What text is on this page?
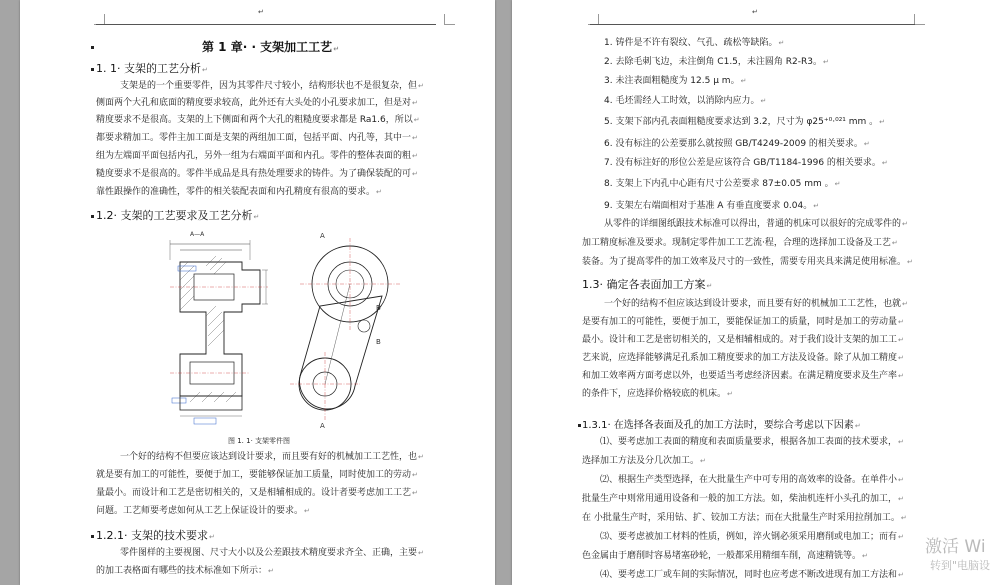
↵
第 1 章· · 支架加工工艺↵
1. 1· 支架的工艺分析↵
支架是的一个重要零件，因为其零件尺寸较小，结构形状也不是很复杂，但↵
侧面两个大孔和底面的精度要求较高，此外还有大头处的小孔要求加工，但是对↵
精度要求不是很高。支架的上下侧面和两个大孔的粗糙度要求都是 Ra1.6，所以↵
都要求精加工。零件主加工面是支架的两组加工面，包括平面、内孔等，其中一↵
组为左端面平面包括内孔，另外一组为右端面平面和内孔。零件的整体表面的粗↵
糙度要求不是很高的。零件半成品是具有热处理要求的铸件。为了确保装配的可↵
靠性跟操作的准确性，零件的相关装配表面和内孔精度有很高的要求。↵
1.2· 支架的工艺要求及工艺分析↵
A—A	A
B
B
A
图 1. 1· 支架零件图
一个好的结构不但要应该达到设计要求，而且要有好的机械加工工艺性，也↵
就是要有加工的可能性，要便于加工，要能够保证加工质量，同时使加工的劳动↵
量最小。而设计和工艺是密切相关的，又是相辅相成的。设计者要考虑加工工艺↵
问题。工艺师要考虑如何从工艺上保证设计的要求。↵
1.2.1· 支架的技术要求↵
零件图样的主要视图、尺寸大小以及公差跟技术精度要求齐全、正确，主要↵
的加工表格面有哪些的技术标准如下所示：↵
↵
1. 铸件是不许有裂纹、气孔、疏松等缺陷。↵
2. 去除毛刺飞边，未注倒角 C1.5，未注圆角 R2-R3。↵
3. 未注表面粗糙度为 12.5 μ m。↵
4. 毛坯需经人工时效，以消除内应力。↵
5. 支架下部内孔表面粗糙度要求达到 3.2，尺寸为 φ25⁺⁰·⁰²¹ mm 。↵
6. 没有标注的公差要那么就按照 GB/T4249-2009 的相关要求。↵
7. 没有标注好的形位公差是应该符合 GB/T1184-1996 的相关要求。↵
8. 支架上下内孔中心距有尺寸公差要求 87±0.05 mm 。↵
9. 支架左右端面相对于基准 A 有垂直度要求 0.04。↵
从零件的详细图纸跟技术标准可以得出，普通的机床可以很好的完成零件的↵
加工精度标准及要求。现制定零件加工工艺流·程，合理的选择加工设备及工艺↵
装备。为了提高零件的加工效率及尺寸的一致性，需要专用夹具来满足使用标准。↵
1.3· 确定各表面加工方案↵
一个好的结构不但应该达到设计要求，而且要有好的机械加工工艺性，也就↵
是要有加工的可能性，要便于加工，要能保证加工的质量，同时是加工的劳动量↵
最小。设计和工艺是密切相关的，又是相辅相成的。对于我们设计支架的加工工↵
艺来说，应选择能够满足孔系加工精度要求的加工方法及设备。除了从加工精度↵
和加工效率两方面考虑以外，也要适当考虑经济因素。在满足精度要求及生产率↵
的条件下，应选择价格较底的机床。↵
1.3.1· 在选择各表面及孔的加工方法时，要综合考虑以下因素↵
⑴、要考虑加工表面的精度和表面质量要求，根据各加工表面的技术要求，↵
选择加工方法及分几次加工。↵
⑵、根据生产类型选择，在大批量生产中可专用的高效率的设备。在单件小↵
批量生产中则常用通用设备和一般的加工方法。如，柴油机连杆小头孔的加工，↵
在 小批量生产时，采用钻、扩、铰加工方法；而在大批量生产时采用拉削加工。↵
⑶、要考虑被加工材料的性质，例如，淬火钢必须采用磨削或电加工；而有↵
色金属由于磨削时容易堵塞砂轮，一般都采用精细车削，高速精铣等。↵
⑷、要考虑工厂或车间的实际情况，同时也应考虑不断改进现有加工方法和↵
激活 Wi
转到"电脑设
